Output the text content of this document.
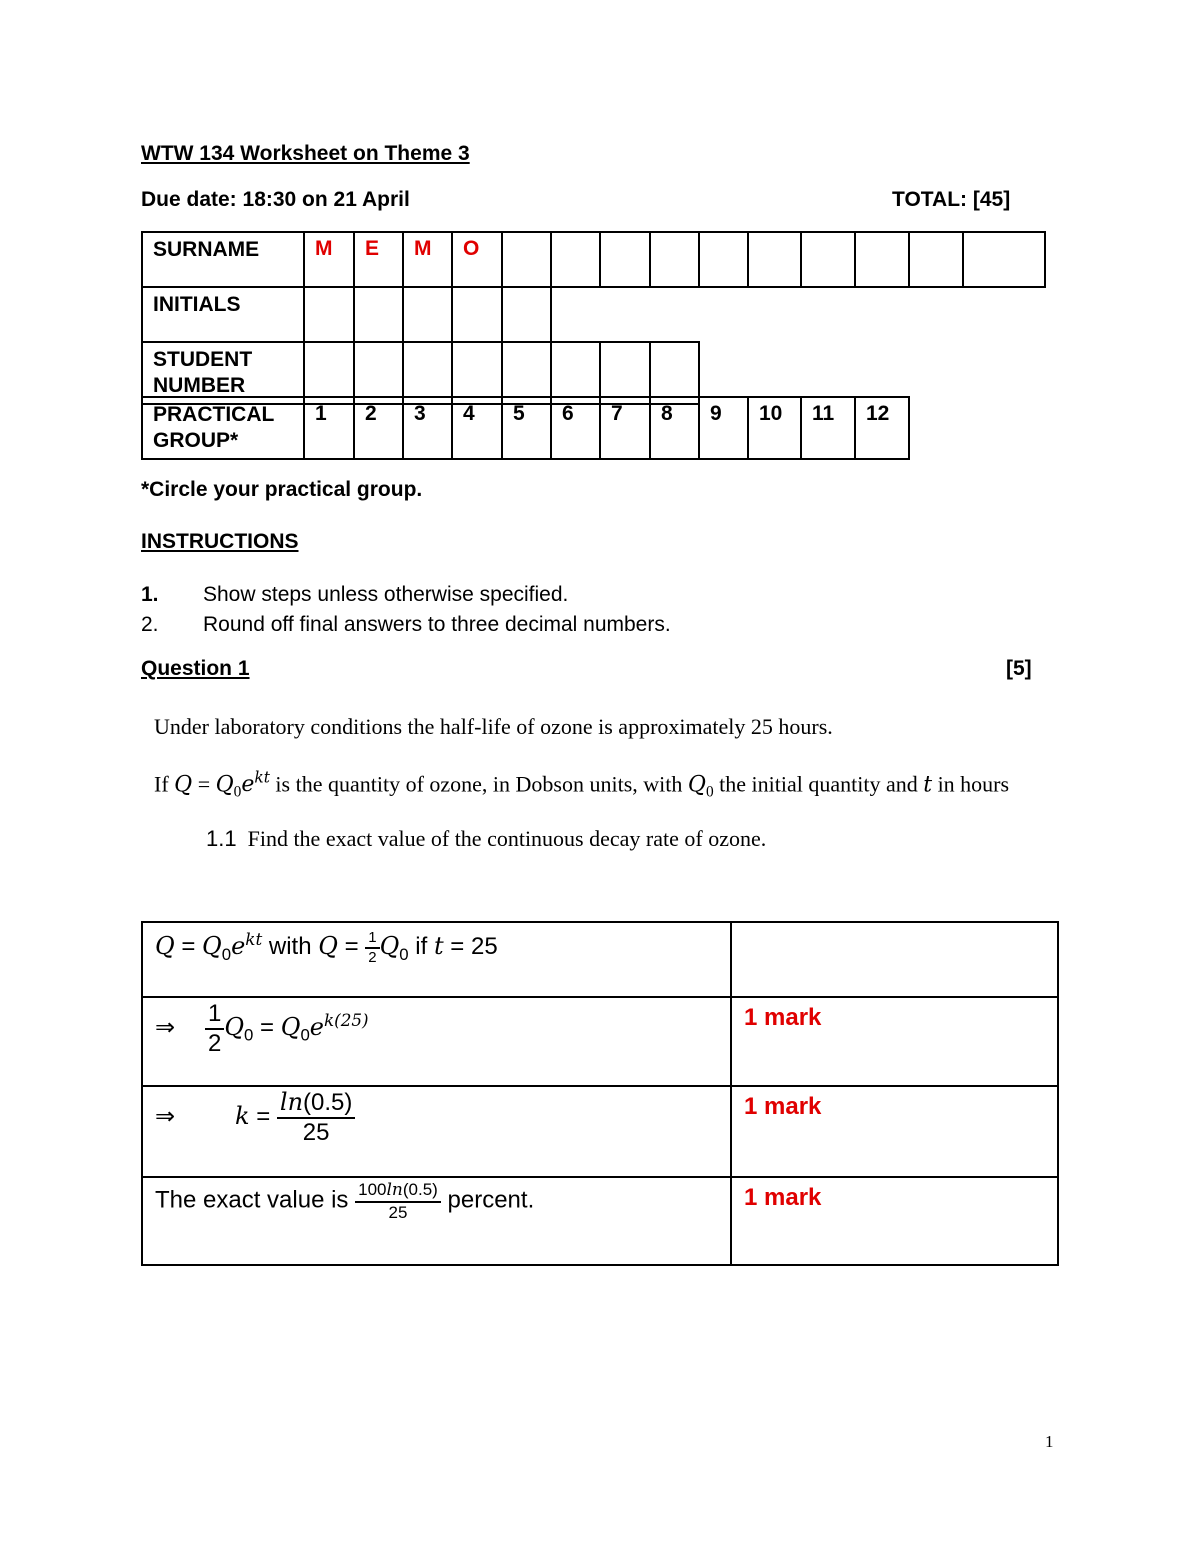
WTW 134 Worksheet on Theme 3
Due date: 18:30 on 21 April	TOTAL: [45]
SURNAME	M	E	M	O										
INITIALS					
STUDENT
NUMBER								
PRACTICAL
GROUP*	1	2	3	4	5	6	7	8	9	10	11	12
*Circle your practical group.
INSTRUCTIONS
1. Show steps unless otherwise specified.
2. Round off final answers to three decimal numbers.
Question 1	[5]
Under laboratory conditions the half-life of ozone is approximately 25 hours.
If $Q = Q_0e^{kt}$ is the quantity of ozone, in Dobson units, with $Q_0$ the initial quantity and t in hours
1.1 Find the exact value of the continuous decay rate of ozone.
$Q = Q_0e^{kt}$ with $Q = \frac{1}{2} Q_0$ if t = 25	
⇒ $\frac{1}{2} Q_0 = Q_0e^{k(25)}$	1 mark
⇒ $k = \frac{\ln(0.5)}{25}$	1 mark
The exact value is $\frac{100\ln(0.5)}{25}$ percent.	1 mark
1
